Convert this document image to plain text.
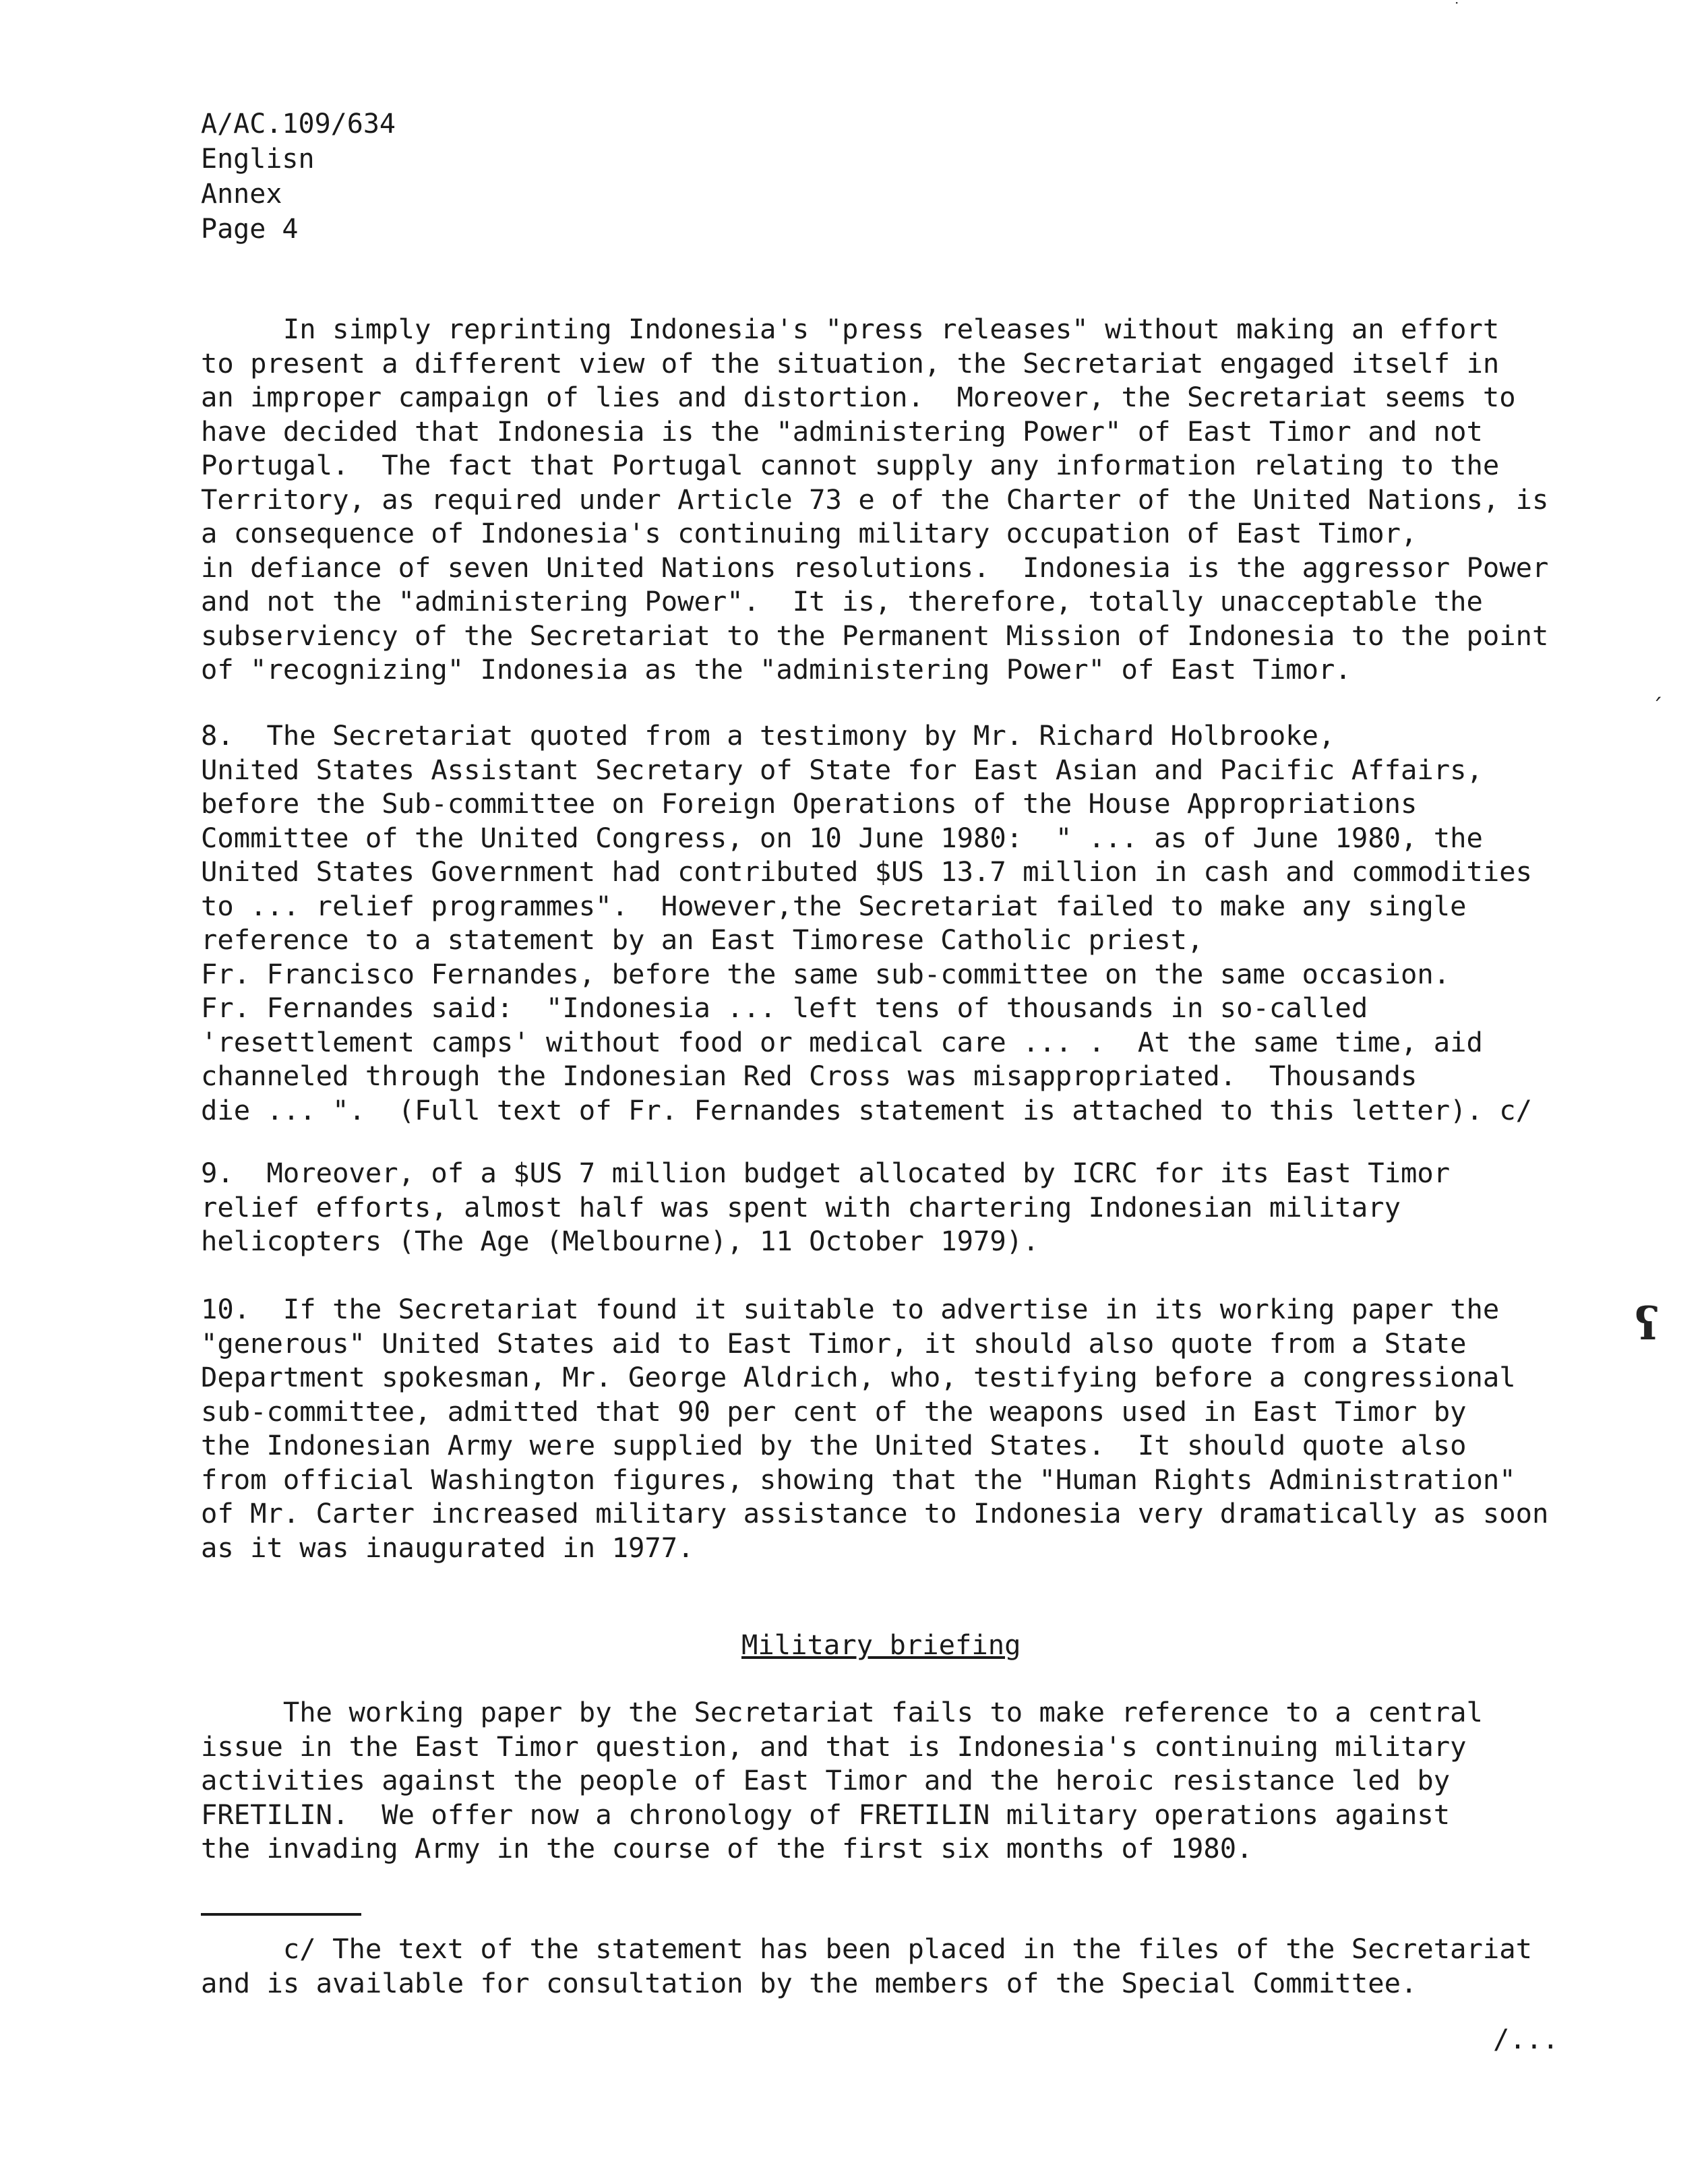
A/AC.109/634
Englisn
Annex
Page 4
In simply reprinting Indonesia's "press releases" without making an effort
to present a different view of the situation, the Secretariat engaged itself in
an improper campaign of lies and distortion.  Moreover, the Secretariat seems to
have decided that Indonesia is the "administering Power" of East Timor and not
Portugal.  The fact that Portugal cannot supply any information relating to the
Territory, as required under Article 73 e of the Charter of the United Nations, is
a consequence of Indonesia's continuing military occupation of East Timor,
in defiance of seven United Nations resolutions.  Indonesia is the aggressor Power
and not the "administering Power".  It is, therefore, totally unacceptable the
subserviency of the Secretariat to the Permanent Mission of Indonesia to the point
of "recognizing" Indonesia as the "administering Power" of East Timor.
8.  The Secretariat quoted from a testimony by Mr. Richard Holbrooke,
United States Assistant Secretary of State for East Asian and Pacific Affairs,
before the Sub-committee on Foreign Operations of the House Appropriations
Committee of the United Congress, on 10 June 1980:  " ... as of June 1980, the
United States Government had contributed $US 13.7 million in cash and commodities
to ... relief programmes".  However,the Secretariat failed to make any single
reference to a statement by an East Timorese Catholic priest,
Fr. Francisco Fernandes, before the same sub-committee on the same occasion.
Fr. Fernandes said:  "Indonesia ... left tens of thousands in so-called
'resettlement camps' without food or medical care ... .  At the same time, aid
channeled through the Indonesian Red Cross was misappropriated.  Thousands
die ... ".  (Full text of Fr. Fernandes statement is attached to this letter). c/
9.  Moreover, of a $US 7 million budget allocated by ICRC for its East Timor
relief efforts, almost half was spent with chartering Indonesian military
helicopters (The Age (Melbourne), 11 October 1979).
10.  If the Secretariat found it suitable to advertise in its working paper the
"generous" United States aid to East Timor, it should also quote from a State
Department spokesman, Mr. George Aldrich, who, testifying before a congressional
sub-committee, admitted that 90 per cent of the weapons used in East Timor by
the Indonesian Army were supplied by the United States.  It should quote also
from official Washington figures, showing that the "Human Rights Administration"
of Mr. Carter increased military assistance to Indonesia very dramatically as soon
as it was inaugurated in 1977.
Military briefing
The working paper by the Secretariat fails to make reference to a central
issue in the East Timor question, and that is Indonesia's continuing military
activities against the people of East Timor and the heroic resistance led by
FRETILIN.  We offer now a chronology of FRETILIN military operations against
the invading Army in the course of the first six months of 1980.
c/ The text of the statement has been placed in the files of the Secretariat
and is available for consultation by the members of the Special Committee.
/...
ˊ
ʕ
·
